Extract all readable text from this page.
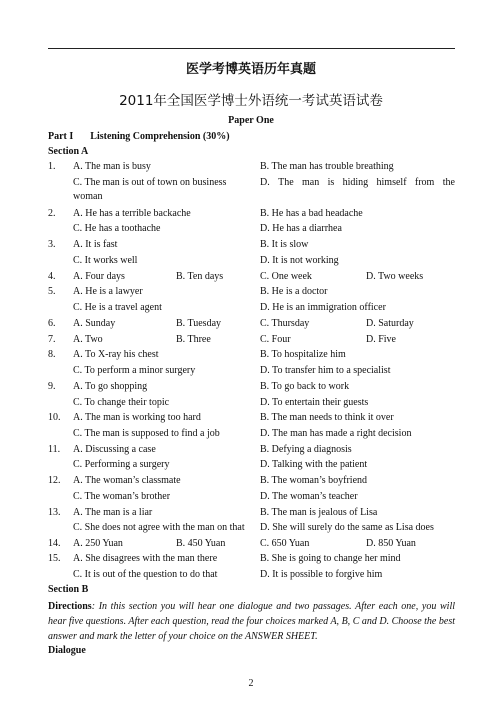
医学考博英语历年真题
2011年全国医学博士外语统一考试英语试卷
Paper One
Part I Listening Comprehension (30%)
Section A
1. A. The man is busy	B. The man has trouble breathing
C. The man is out of town on business	D. The man is hiding himself from the
woman
2. A. He has a terrible backache	B. He has a bad headache
C. He has a toothache	D. He has a diarrhea
3. A. It is fast	B. It is slow
C. It works well	D. It is not working
4. A. Four days	B. Ten days	C. One week	D. Two weeks
5. A. He is a lawyer	B. He is a doctor
C. He is a travel agent	D. He is an immigration officer
6. A. Sunday	B. Tuesday	C. Thursday	D. Saturday
7. A. Two	B. Three	C. Four	D. Five
8. A. To X-ray his chest	B. To hospitalize him
C. To perform a minor surgery	D. To transfer him to a specialist
9. A. To go shopping	B. To go back to work
C. To change their topic	D. To entertain their guests
10. A. The man is working too hard	B. The man needs to think it over
C. The man is supposed to find a job	D. The man has made a right decision
11. A. Discussing a case	B. Defying a diagnosis
C. Performing a surgery	D. Talking with the patient
12. A. The woman’s classmate	B. The woman’s boyfriend
C. The woman’s brother	D. The woman’s teacher
13. A. The man is a liar	B. The man is jealous of Lisa
C. She does not agree with the man on that D. She will surely do the same as Lisa does
14. A. 250 Yuan	B. 450 Yuan	C. 650 Yuan	D. 850 Yuan
15. A. She disagrees with the man there	B. She is going to change her mind
C. It is out of the question to do that	D. It is possible to forgive him
Section B
Directions: In this section you will hear one dialogue and two passages. After each one, you will hear five questions. After each question, read the four choices marked A, B, C and D. Choose the best answer and mark the letter of your choice on the ANSWER SHEET.
Dialogue
2
